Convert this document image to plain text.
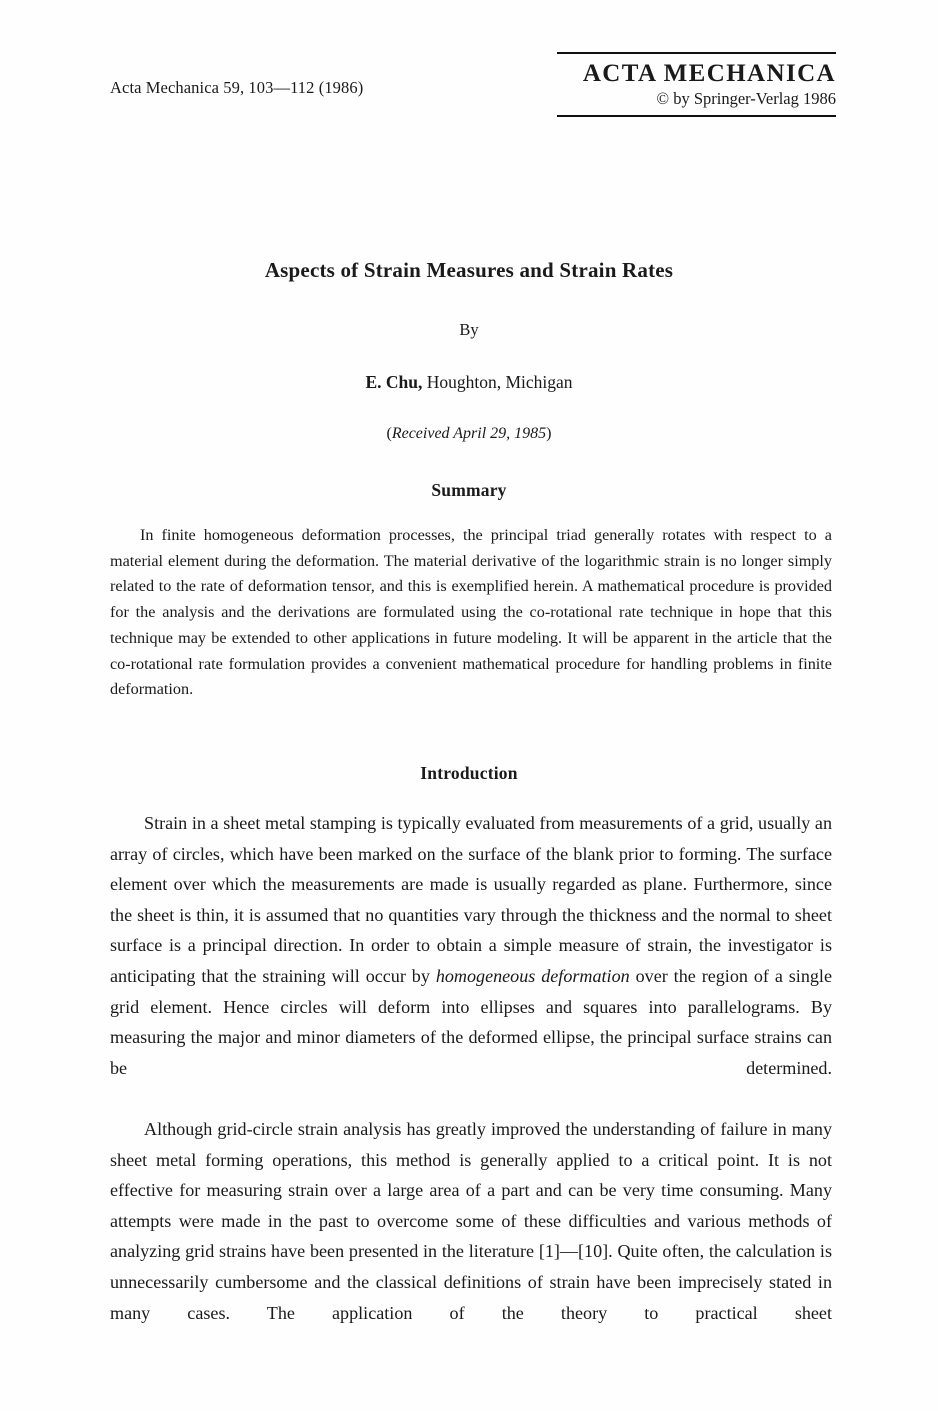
Acta Mechanica 59, 103—112 (1986)
ACTA MECHANICA
© by Springer-Verlag 1986
Aspects of Strain Measures and Strain Rates
By
E. Chu, Houghton, Michigan
(Received April 29, 1985)
Summary

In finite homogeneous deformation processes, the principal triad generally rotates with respect to a material element during the deformation. The material derivative of the logarithmic strain is no longer simply related to the rate of deformation tensor, and this is exemplified herein. A mathematical procedure is provided for the analysis and the derivations are formulated using the co-rotational rate technique in hope that this technique may be extended to other applications in future modeling. It will be apparent in the article that the co-rotational rate formulation provides a convenient mathematical procedure for handling problems in finite deformation.

Introduction

Strain in a sheet metal stamping is typically evaluated from measurements of a grid, usually an array of circles, which have been marked on the surface of the blank prior to forming. The surface element over which the measurements are made is usually regarded as plane. Furthermore, since the sheet is thin, it is assumed that no quantities vary through the thickness and the normal to sheet surface is a principal direction. In order to obtain a simple measure of strain, the investigator is anticipating that the straining will occur by homogeneous deformation over the region of a single grid element. Hence circles will deform into ellipses and squares into parallelograms. By measuring the major and minor diameters of the deformed ellipse, the principal surface strains can be determined.

Although grid-circle strain analysis has greatly improved the understanding of failure in many sheet metal forming operations, this method is generally applied to a critical point. It is not effective for measuring strain over a large area of a part and can be very time consuming. Many attempts were made in the past to overcome some of these difficulties and various methods of analyzing grid strains have been presented in the literature [1]—[10]. Quite often, the calculation is unnecessarily cumbersome and the classical definitions of strain have been imprecisely stated in many cases. The application of the theory to practical sheet
